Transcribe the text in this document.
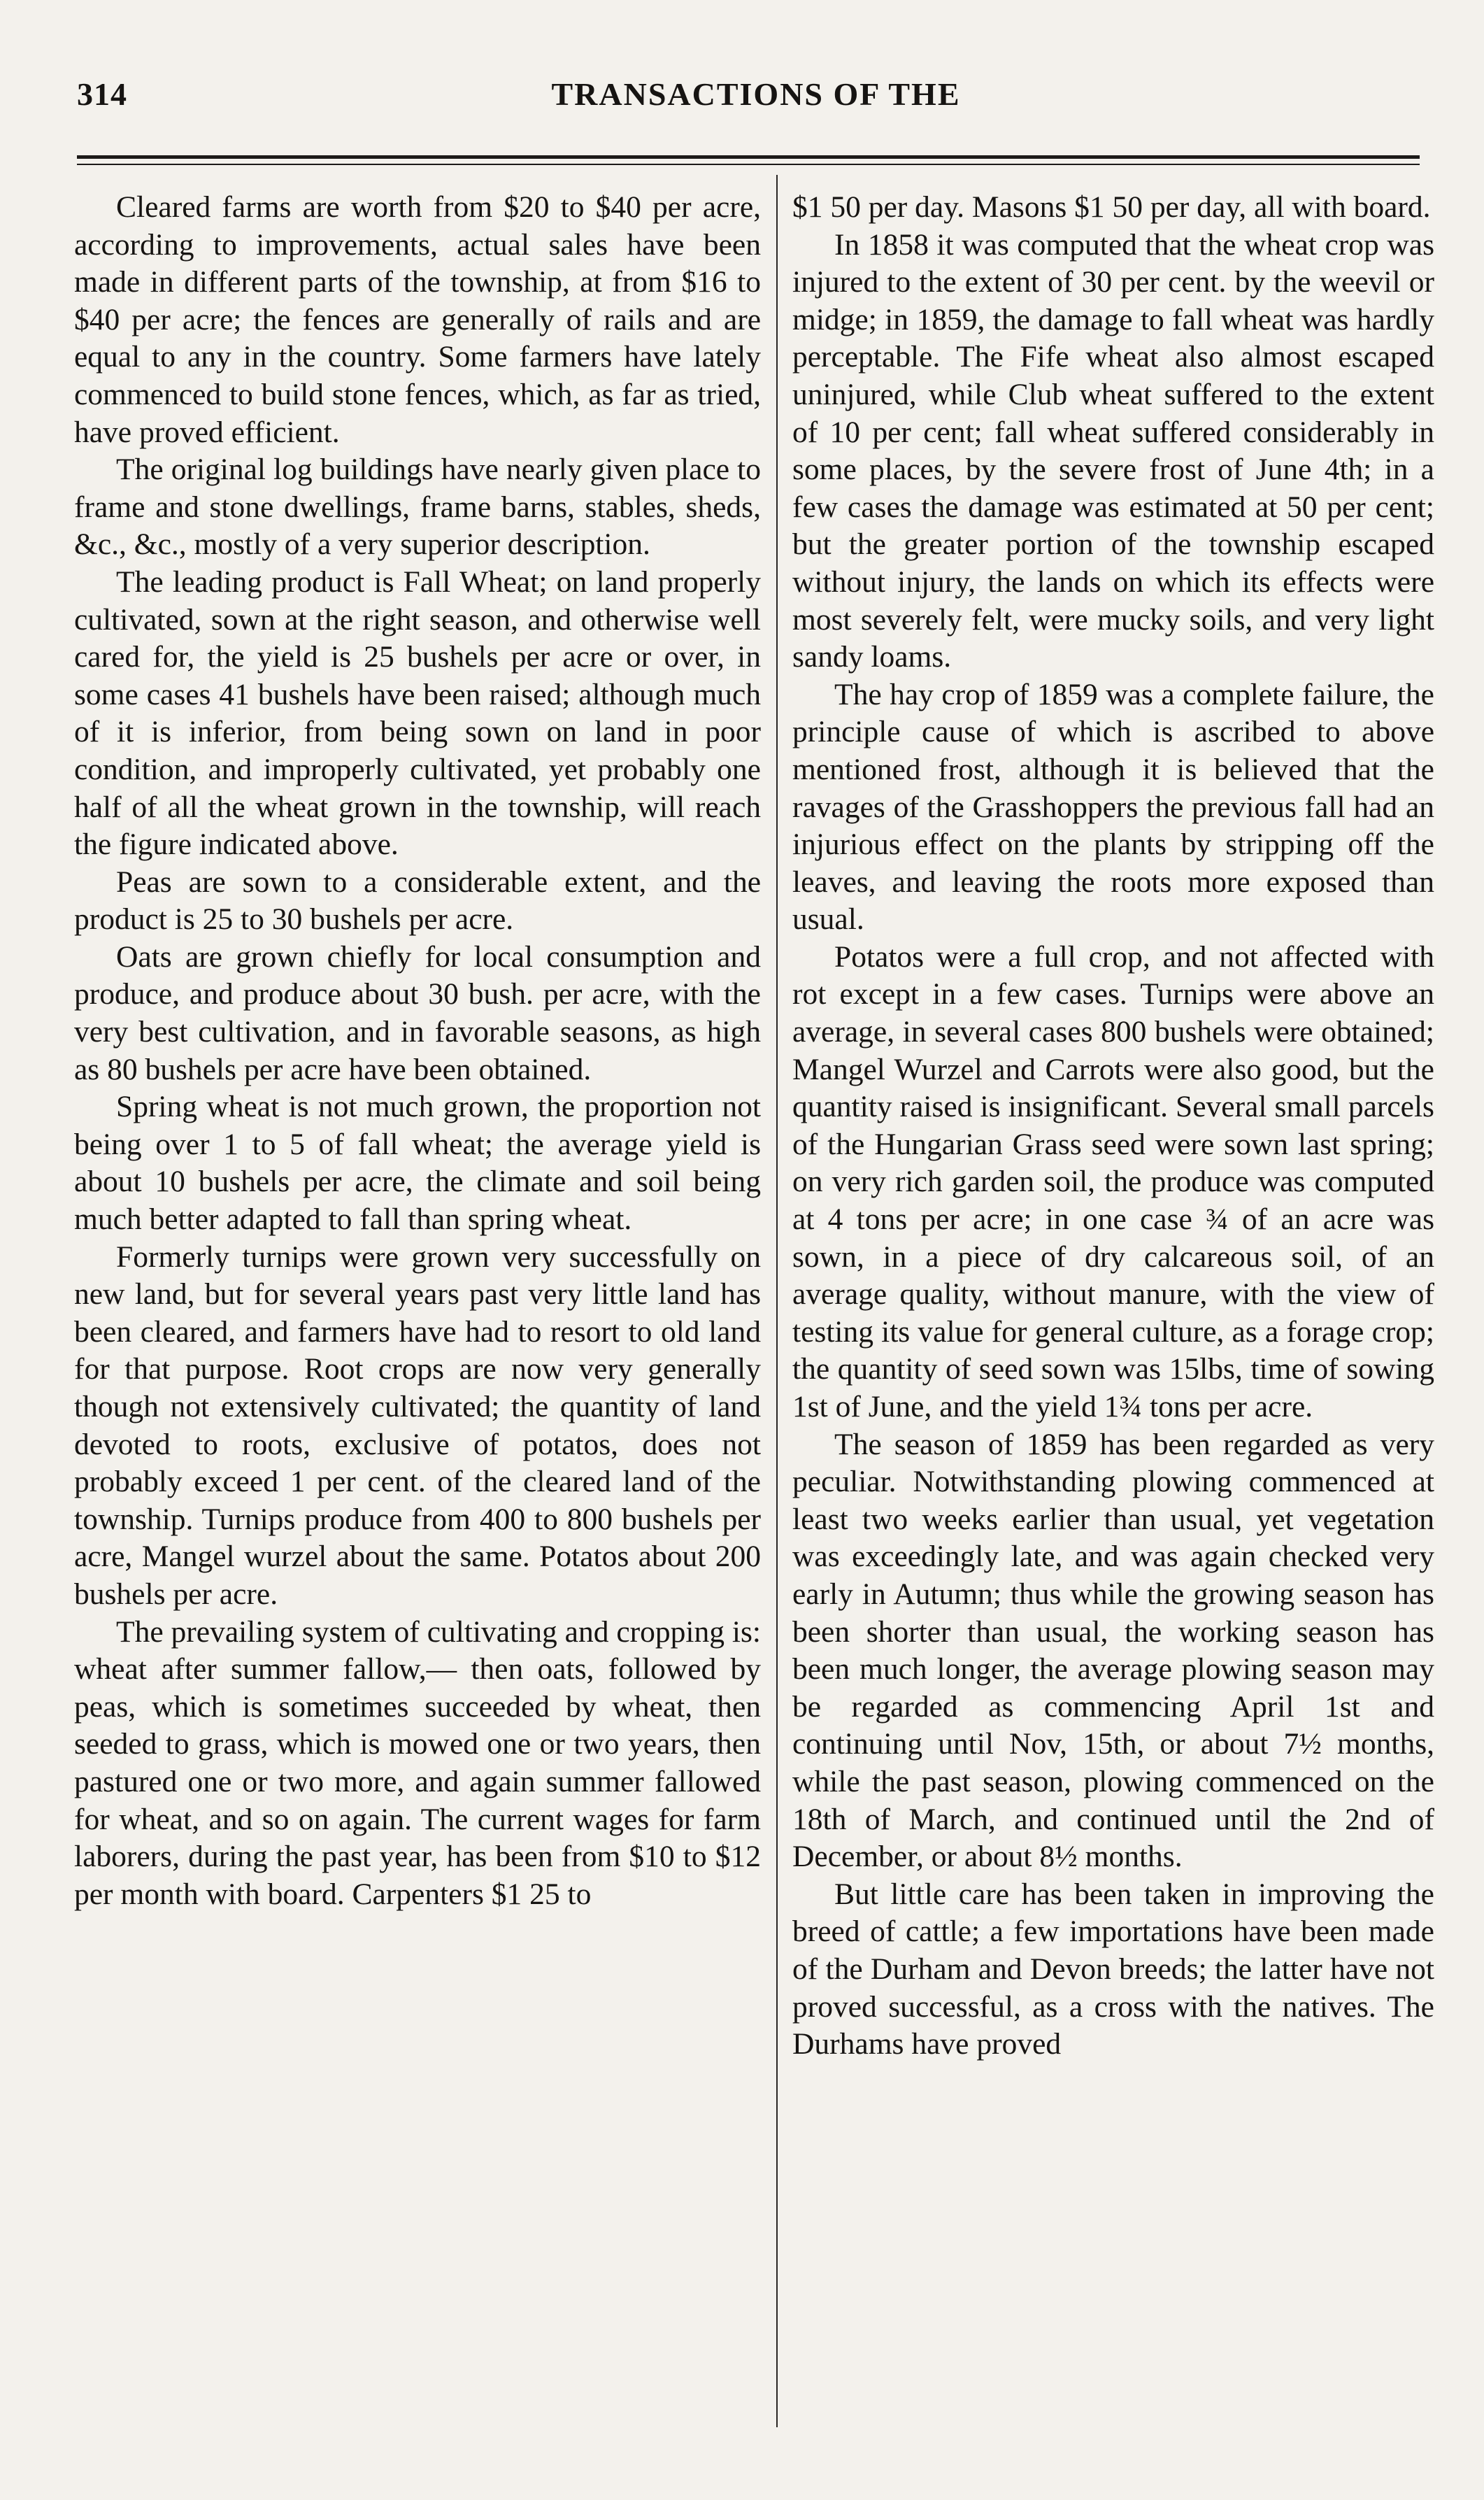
314	TRANSACTIONS OF THE

Cleared farms are worth from $20 to $40 per acre, according to improvements, actual sales have been made in different parts of the township, at from $16 to $40 per acre; the fences are generally of rails and are equal to any in the country. Some farmers have lately commenced to build stone fences, which, as far as tried, have proved efficient.

The original log buildings have nearly given place to frame and stone dwellings, frame barns, stables, sheds, &c., &c., mostly of a very superior description.

The leading product is Fall Wheat; on land properly cultivated, sown at the right season, and otherwise well cared for, the yield is 25 bushels per acre or over, in some cases 41 bushels have been raised; although much of it is inferior, from being sown on land in poor condition, and improperly cultivated, yet probably one half of all the wheat grown in the township, will reach the figure indicated above.

Peas are sown to a considerable extent, and the product is 25 to 30 bushels per acre.

Oats are grown chiefly for local consumption and produce, and produce about 30 bush. per acre, with the very best cultivation, and in favorable seasons, as high as 80 bushels per acre have been obtained.

Spring wheat is not much grown, the proportion not being over 1 to 5 of fall wheat; the average yield is about 10 bushels per acre, the climate and soil being much better adapted to fall than spring wheat.

Formerly turnips were grown very successfully on new land, but for several years past very little land has been cleared, and farmers have had to resort to old land for that purpose. Root crops are now very generally though not extensively cultivated; the quantity of land devoted to roots, exclusive of potatos, does not probably exceed 1 per cent. of the cleared land of the township. Turnips produce from 400 to 800 bushels per acre, Mangel wurzel about the same. Potatos about 200 bushels per acre.

The prevailing system of cultivating and cropping is: wheat after summer fallow,— then oats, followed by peas, which is sometimes succeeded by wheat, then seeded to grass, which is mowed one or two years, then pastured one or two more, and again summer fallowed for wheat, and so on again. The current wages for farm laborers, during the past year, has been from $10 to $12 per month with board. Carpenters $1 25 to

$1 50 per day. Masons $1 50 per day, all with board.

In 1858 it was computed that the wheat crop was injured to the extent of 30 per cent. by the weevil or midge; in 1859, the damage to fall wheat was hardly perceptable. The Fife wheat also almost escaped uninjured, while Club wheat suffered to the extent of 10 per cent; fall wheat suffered considerably in some places, by the severe frost of June 4th; in a few cases the damage was estimated at 50 per cent; but the greater portion of the township escaped without injury, the lands on which its effects were most severely felt, were mucky soils, and very light sandy loams.

The hay crop of 1859 was a complete failure, the principle cause of which is ascribed to above mentioned frost, although it is believed that the ravages of the Grasshoppers the previous fall had an injurious effect on the plants by stripping off the leaves, and leaving the roots more exposed than usual.

Potatos were a full crop, and not affected with rot except in a few cases. Turnips were above an average, in several cases 800 bushels were obtained; Mangel Wurzel and Carrots were also good, but the quantity raised is insignificant. Several small parcels of the Hungarian Grass seed were sown last spring; on very rich garden soil, the produce was computed at 4 tons per acre; in one case ¾ of an acre was sown, in a piece of dry calcareous soil, of an average quality, without manure, with the view of testing its value for general culture, as a forage crop; the quantity of seed sown was 15lbs, time of sowing 1st of June, and the yield 1¾ tons per acre.

The season of 1859 has been regarded as very peculiar. Notwithstanding plowing commenced at least two weeks earlier than usual, yet vegetation was exceedingly late, and was again checked very early in Autumn; thus while the growing season has been shorter than usual, the working season has been much longer, the average plowing season may be regarded as commencing April 1st and continuing until Nov, 15th, or about 7½ months, while the past season, plowing commenced on the 18th of March, and continued until the 2nd of December, or about 8½ months.

But little care has been taken in improving the breed of cattle; a few importations have been made of the Durham and Devon breeds; the latter have not proved successful, as a cross with the natives. The Durhams have proved
